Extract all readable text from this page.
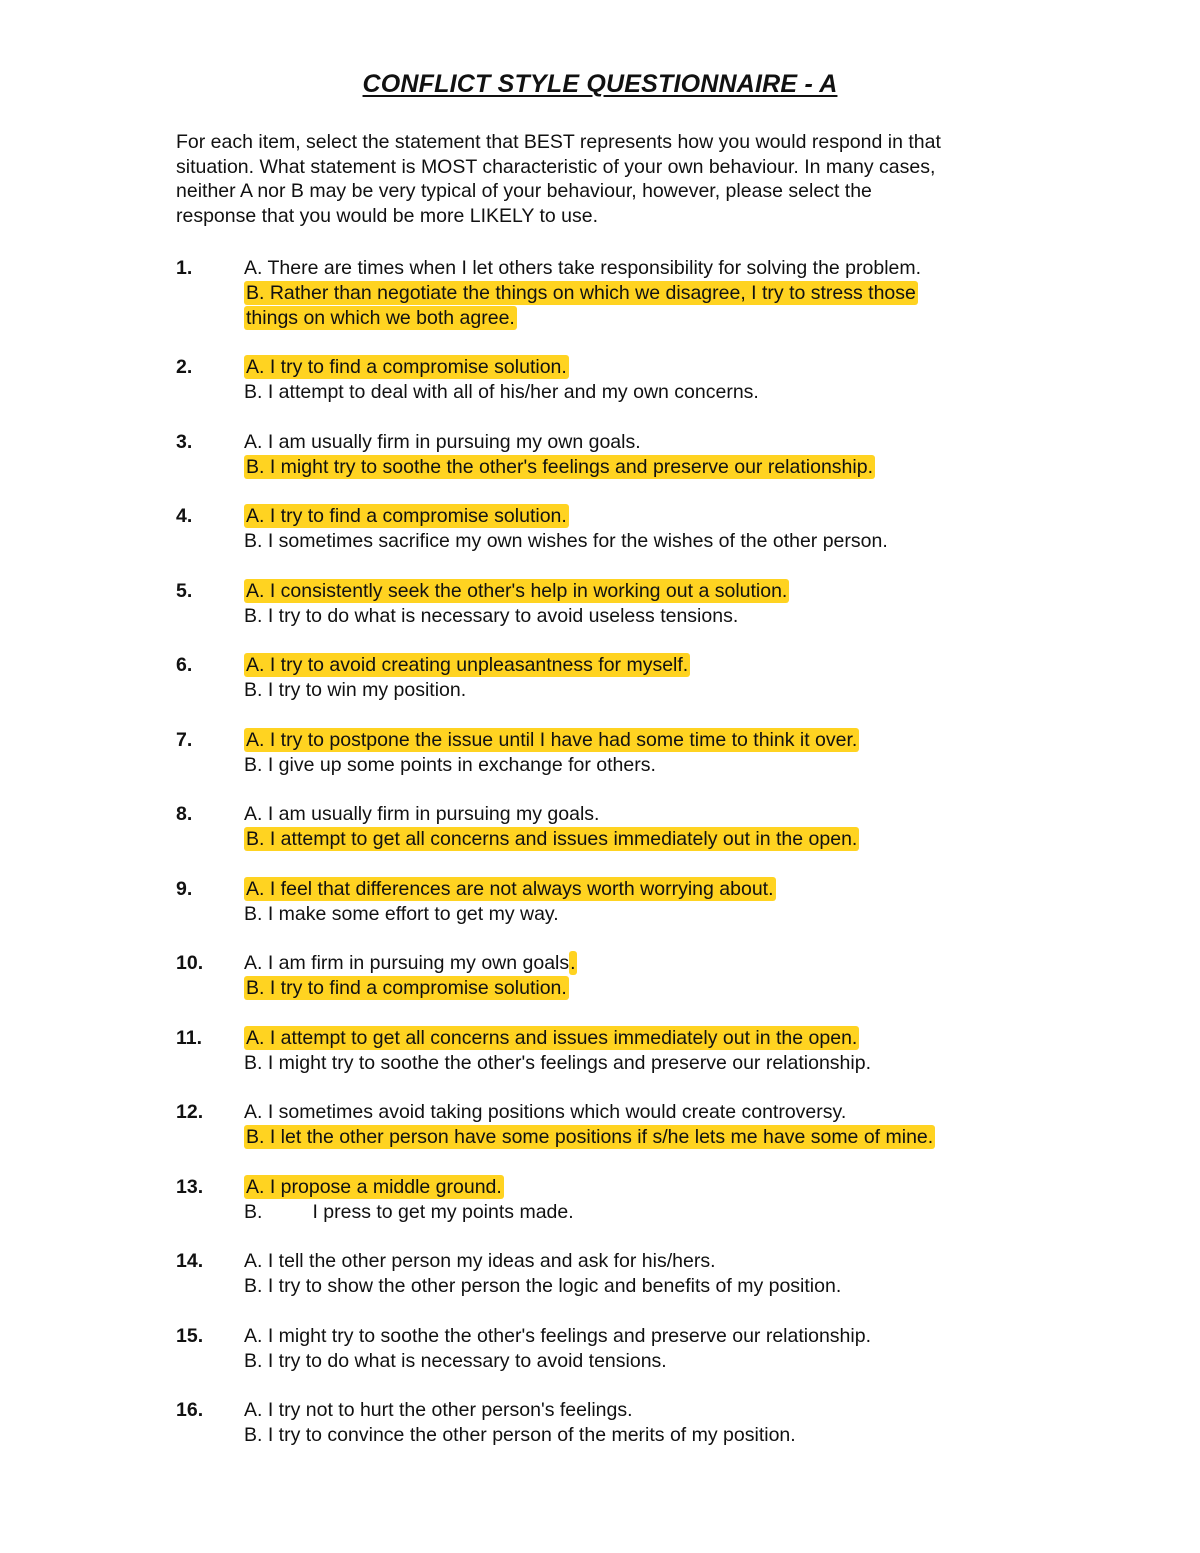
CONFLICT STYLE QUESTIONNAIRE - A
For each item, select the statement that BEST represents how you would respond in that
situation. What statement is MOST characteristic of your own behaviour. In many cases,
neither A nor B may be very typical of your behaviour, however, please select the
response that you would be more LIKELY to use.
1.	A. There are times when I let others take responsibility for solving the problem.
B. Rather than negotiate the things on which we disagree, I try to stress those
things on which we both agree.
2.	A. I try to find a compromise solution.
B. I attempt to deal with all of his/her and my own concerns.
3.	A. I am usually firm in pursuing my own goals.
B. I might try to soothe the other's feelings and preserve our relationship.
4.	A. I try to find a compromise solution.
B. I sometimes sacrifice my own wishes for the wishes of the other person.
5.	A. I consistently seek the other's help in working out a solution.
B. I try to do what is necessary to avoid useless tensions.
6.	A. I try to avoid creating unpleasantness for myself.
B. I try to win my position.
7.	A. I try to postpone the issue until I have had some time to think it over.
B. I give up some points in exchange for others.
8.	A. I am usually firm in pursuing my goals.
B. I attempt to get all concerns and issues immediately out in the open.
9.	A. I feel that differences are not always worth worrying about.
B. I make some effort to get my way.
10. A. I am firm in pursuing my own goals.
B. I try to find a compromise solution.
11. A. I attempt to get all concerns and issues immediately out in the open.
B. I might try to soothe the other's feelings and preserve our relationship.
12. A. I sometimes avoid taking positions which would create controversy.
B. I let the other person have some positions if s/he lets me have some of mine.
13. A. I propose a middle ground.
B.	I press to get my points made.
14. A. I tell the other person my ideas and ask for his/hers.
B. I try to show the other person the logic and benefits of my position.
15. A. I might try to soothe the other's feelings and preserve our relationship.
B. I try to do what is necessary to avoid tensions.
16. A. I try not to hurt the other person's feelings.
B. I try to convince the other person of the merits of my position.
